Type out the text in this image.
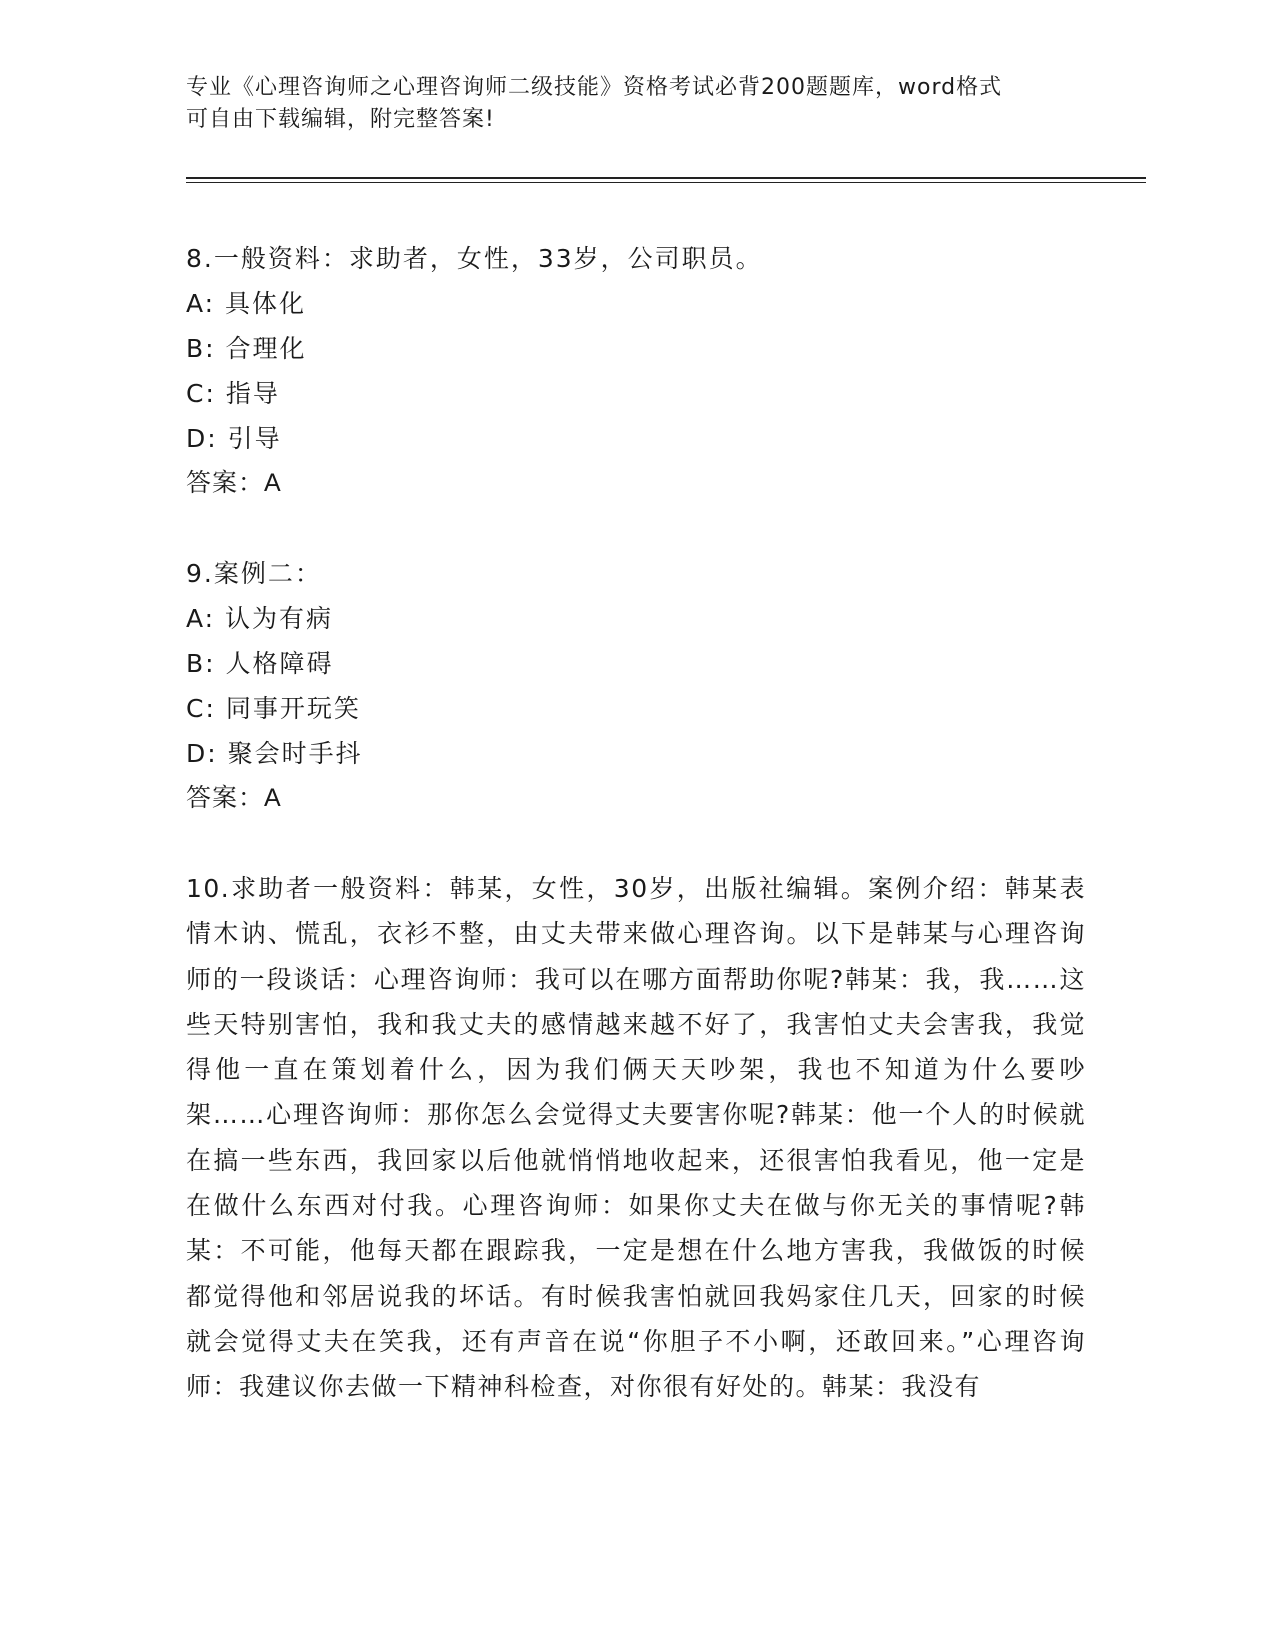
专业《心理咨询师之心理咨询师二级技能》资格考试必背200题题库，word格式
可自由下载编辑，附完整答案!
8.一般资料：求助者，女性，33岁，公司职员。
A: 具体化
B: 合理化
C: 指导
D: 引导
答案：A
9.案例二：
A: 认为有病
B: 人格障碍
C: 同事开玩笑
D: 聚会时手抖
答案：A
10.求助者一般资料：韩某，女性，30岁，出版社编辑。案例介绍：韩某表情木讷、慌乱，衣衫不整，由丈夫带来做心理咨询。以下是韩某与心理咨询师的一段谈话：心理咨询师：我可以在哪方面帮助你呢?韩某：我，我……这些天特别害怕，我和我丈夫的感情越来越不好了，我害怕丈夫会害我，我觉得他一直在策划着什么，因为我们俩天天吵架，我也不知道为什么要吵架……心理咨询师：那你怎么会觉得丈夫要害你呢?韩某：他一个人的时候就在搞一些东西，我回家以后他就悄悄地收起来，还很害怕我看见，他一定是在做什么东西对付我。心理咨询师：如果你丈夫在做与你无关的事情呢?韩某：不可能，他每天都在跟踪我，一定是想在什么地方害我，我做饭的时候都觉得他和邻居说我的坏话。有时候我害怕就回我妈家住几天，回家的时候就会觉得丈夫在笑我，还有声音在说“你胆子不小啊，还敢回来。”心理咨询师：我建议你去做一下精神科检查，对你很有好处的。韩某：我没有
